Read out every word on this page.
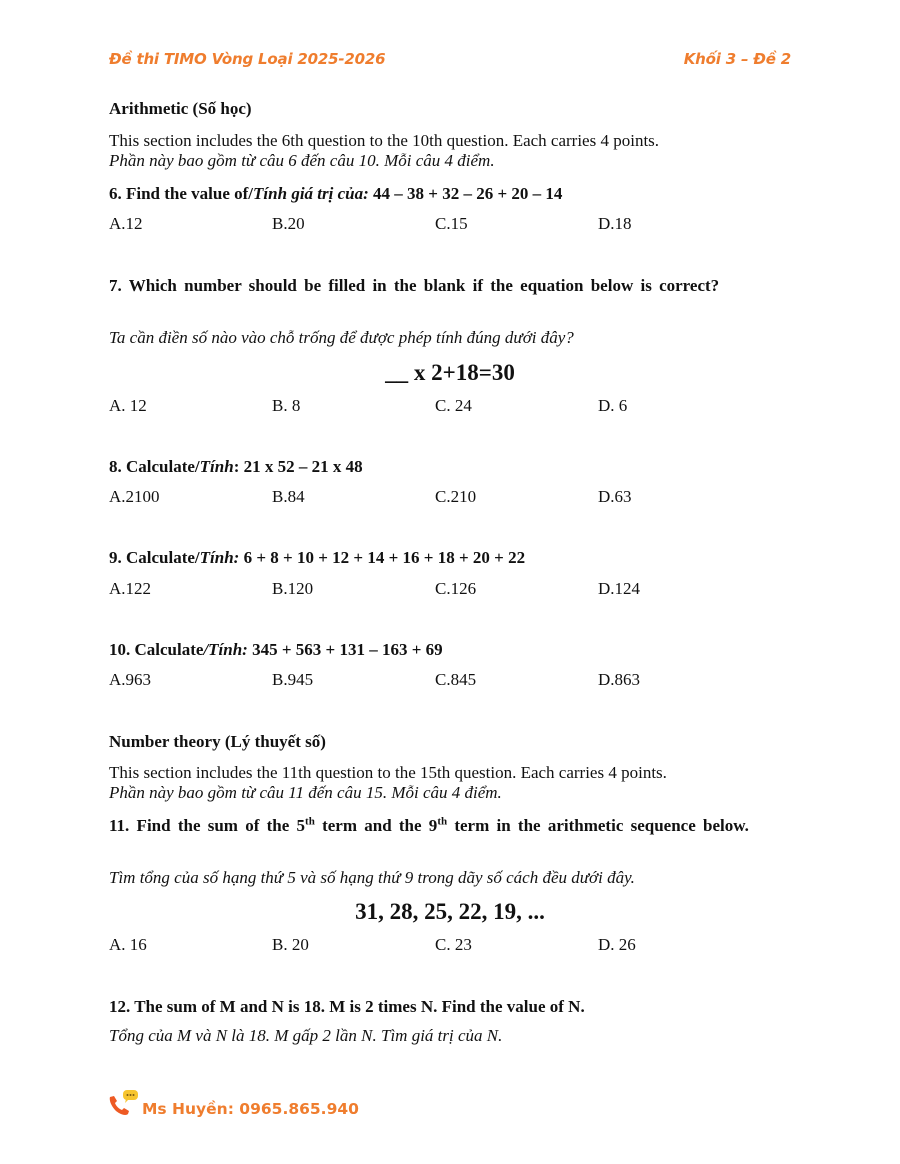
Đề thi TIMO Vòng Loại 2025-2026	Khối 3 – Đề 2
Arithmetic (Số học)
This section includes the 6th question to the 10th question. Each carries 4 points.
Phần này bao gồm từ câu 6 đến câu 10. Mỗi câu 4 điểm.
6. Find the value of/Tính giá trị của: 44 – 38 + 32 – 26 + 20 – 14
A.12	B.20	C.15	D.18
7. Which number should be filled in the blank if the equation below is correct?
Ta cần điền số nào vào chỗ trống để được phép tính đúng dưới đây?
__ x 2+18=30
A. 12	B. 8	C. 24	D. 6
8. Calculate/Tính: 21 x 52 – 21 x 48
A.2100	B.84	C.210	D.63
9. Calculate/Tính: 6 + 8 + 10 + 12 + 14 + 16 + 18 + 20 + 22
A.122	B.120	C.126	D.124
10. Calculate/Tính: 345 + 563 + 131 – 163 + 69
A.963	B.945	C.845	D.863
Number theory (Lý thuyết số)
This section includes the 11th question to the 15th question. Each carries 4 points.
Phần này bao gồm từ câu 11 đến câu 15. Mỗi câu 4 điểm.
11. Find the sum of the 5th term and the 9th term in the arithmetic sequence below.
Tìm tổng của số hạng thứ 5 và số hạng thứ 9 trong dãy số cách đều dưới đây.
31, 28, 25, 22, 19, ...
A. 16	B. 20	C. 23	D. 26
12. The sum of M and N is 18. M is 2 times N. Find the value of N.
Tổng của M và N là 18. M gấp 2 lần N. Tìm giá trị của N.
Ms Huyền: 0965.865.940
